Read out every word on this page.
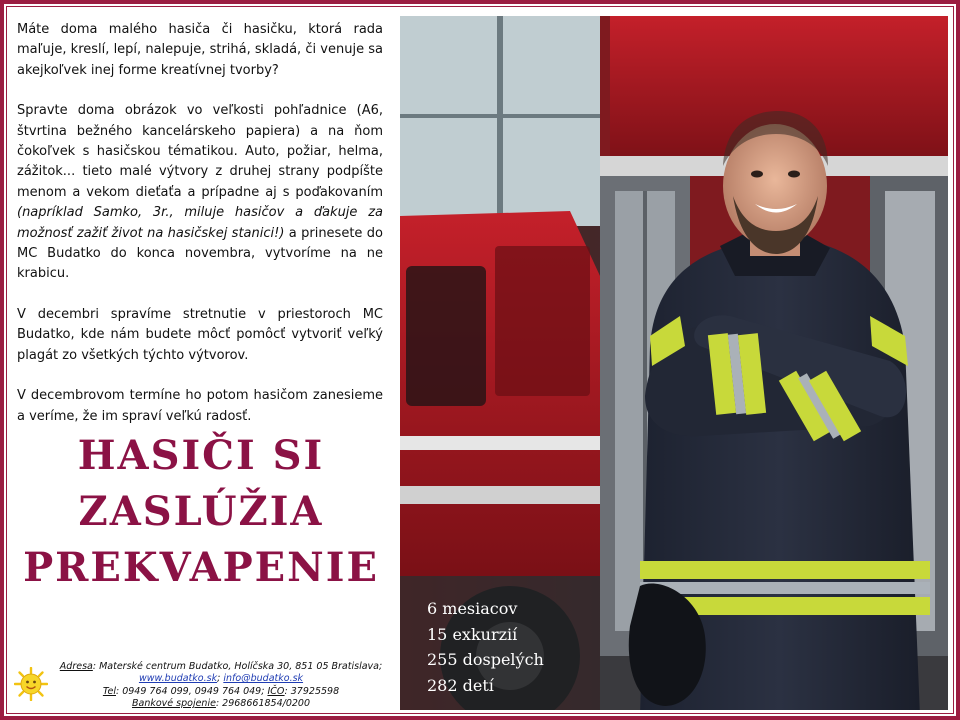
6 mesiacov
15 exkurzií
255 dospelých
282 detí

Máte doma malého hasiča či hasičku, ktorá rada maľuje, kreslí, lepí, nalepuje, strihá, skladá, či venuje sa akejkoľvek inej forme kreatívnej tvorby?

Spravte doma obrázok vo veľkosti pohľadnice (A6, štvrtina bežného kancelárskeho papiera) a na ňom čokoľvek s hasičskou tématikou. Auto, požiar, helma, zážitok... tieto malé výtvory z druhej strany podpíšte menom a vekom dieťaťa a prípadne aj s poďakovaním (napríklad Samko, 3r., miluje hasičov a ďakuje za možnosť zažiť život na hasičskej stanici!) a prinesete do MC Budatko do konca novembra, vytvoríme na ne krabicu.

V decembri spravíme stretnutie v priestoroch MC Budatko, kde nám budete môcť pomôcť vytvoriť veľký plagát zo všetkých týchto výtvorov.

V decembrovom termíne ho potom hasičom zanesieme a veríme, že im spraví veľkú radosť.

HASIČI SI
ZASLÚŽIA
PREKVAPENIE
Adresa: Materské centrum Budatko, Holíčska 30, 851 05 Bratislava;
www.budatko.sk; info@budatko.sk
Tel: 0949 764 099, 0949 764 049; IČO: 37925598
Bankové spojenie: 2968661854/0200
